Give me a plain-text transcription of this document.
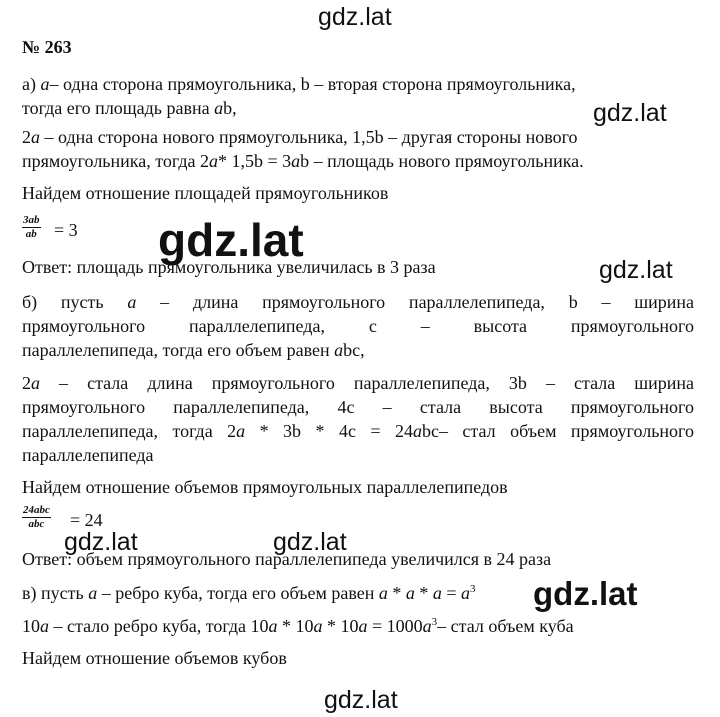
gdz.lat
gdz.lat
gdz.lat
gdz.lat
gdz.lat	gdz.lat
gdz.lat
gdz.lat
№ 263
а) a– одна сторона прямоугольника, b – вторая сторона прямоугольника,
тогда его площадь равна ab,
2a – одна сторона нового прямоугольника, 1,5b – другая стороны нового
прямоугольника, тогда 2a* 1,5b = 3ab – площадь нового прямоугольника.
Найдем отношение площадей прямоугольников
$\frac{3ab}{ab} = 3$
Ответ: площадь прямоугольника увеличилась в 3 раза
б) пусть a – длина прямоугольного параллелепипеда, b – ширина
прямоугольного параллелепипеда, с – высота прямоугольного
параллелепипеда, тогда его объем равен abc,
2a – стала длина прямоугольного параллелепипеда, 3b – стала ширина
прямоугольного параллелепипеда, 4с – стала высота прямоугольного
параллелепипеда, тогда 2a * 3b * 4c = 24abc– стал объем прямоугольного
параллелепипеда
Найдем отношение объемов прямоугольных параллелепипедов
24abc
abc	= 24
Ответ: объем прямоугольного параллелепипеда увеличился в 24 раза
в) пусть a – ребро куба, тогда его объем равен $a * a * a = a^3$
10a – стало ребро куба, тогда $10a * 10a * 10a = 1000a^3-$ стал объем куба
Найдем отношение объемов кубов
